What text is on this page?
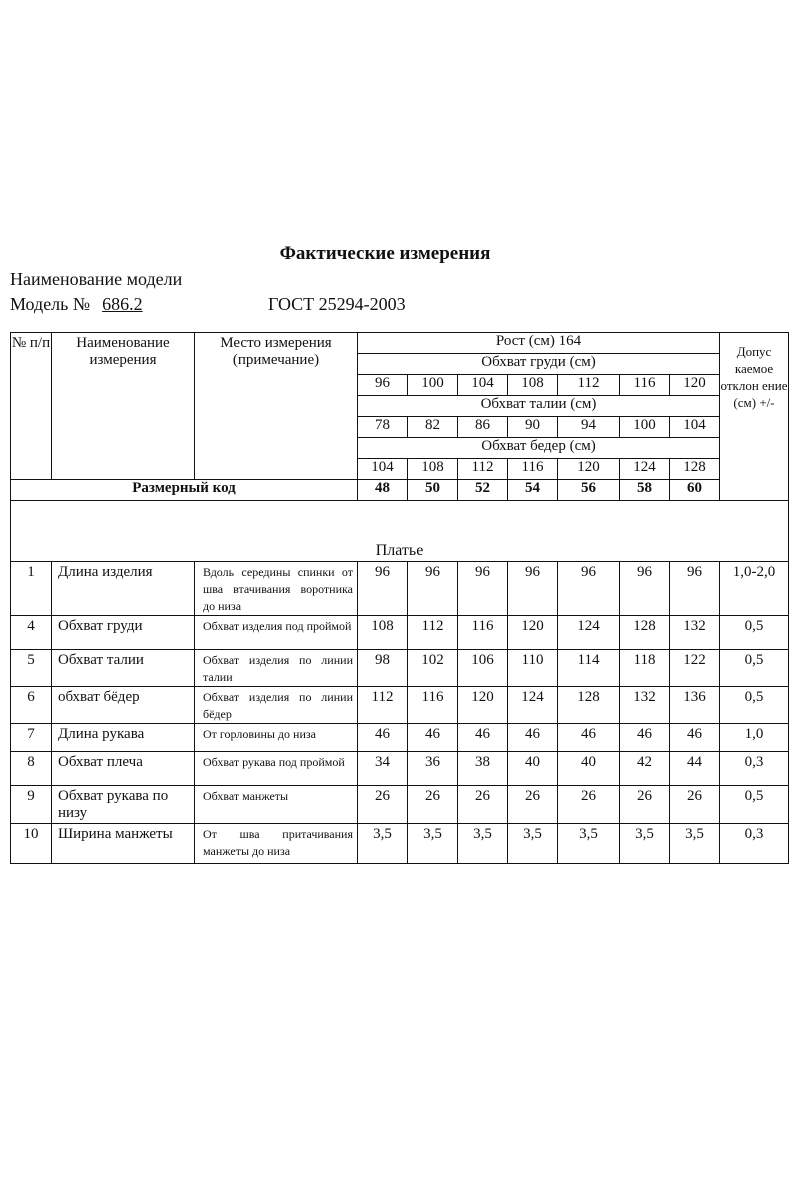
Фактические измерения
Наименование модели
Модель № 686.2	ГОСТ 25294-2003
№ п/п	Наименование измерения	Место измерения (примечание)	Рост (см) 164							Допус каемое отклон ение (см) +/-
			Обхват груди (см)							
			96	100	104	108	112	116	120	
			Обхват талии (см)							
			78	82	86	90	94	100	104	
			Обхват бедер (см)							
			104	108	112	116	120	124	128	
Размерный код			48	50	52	54	56	58	60	
Платье										
1	Длина изделия	Вдоль середины спинки от шва втачивания воротника до низа	96	96	96	96	96	96	96	1,0-2,0
4	Обхват груди	Обхват изделия под проймой	108	112	116	120	124	128	132	0,5
5	Обхват талии	Обхват изделия по линии талии	98	102	106	110	114	118	122	0,5
6	обхват бёдер	Обхват изделия по линии бёдер	112	116	120	124	128	132	136	0,5
7	Длина рукава	От горловины до низа	46	46	46	46	46	46	46	1,0
8	Обхват плеча	Обхват рукава под проймой	34	36	38	40	40	42	44	0,3
9	Обхват рукава по низу	Обхват манжеты	26	26	26	26	26	26	26	0,5
10	Ширина манжеты	От шва притачивания манжеты до низа	3,5	3,5	3,5	3,5	3,5	3,5	3,5	0,3
